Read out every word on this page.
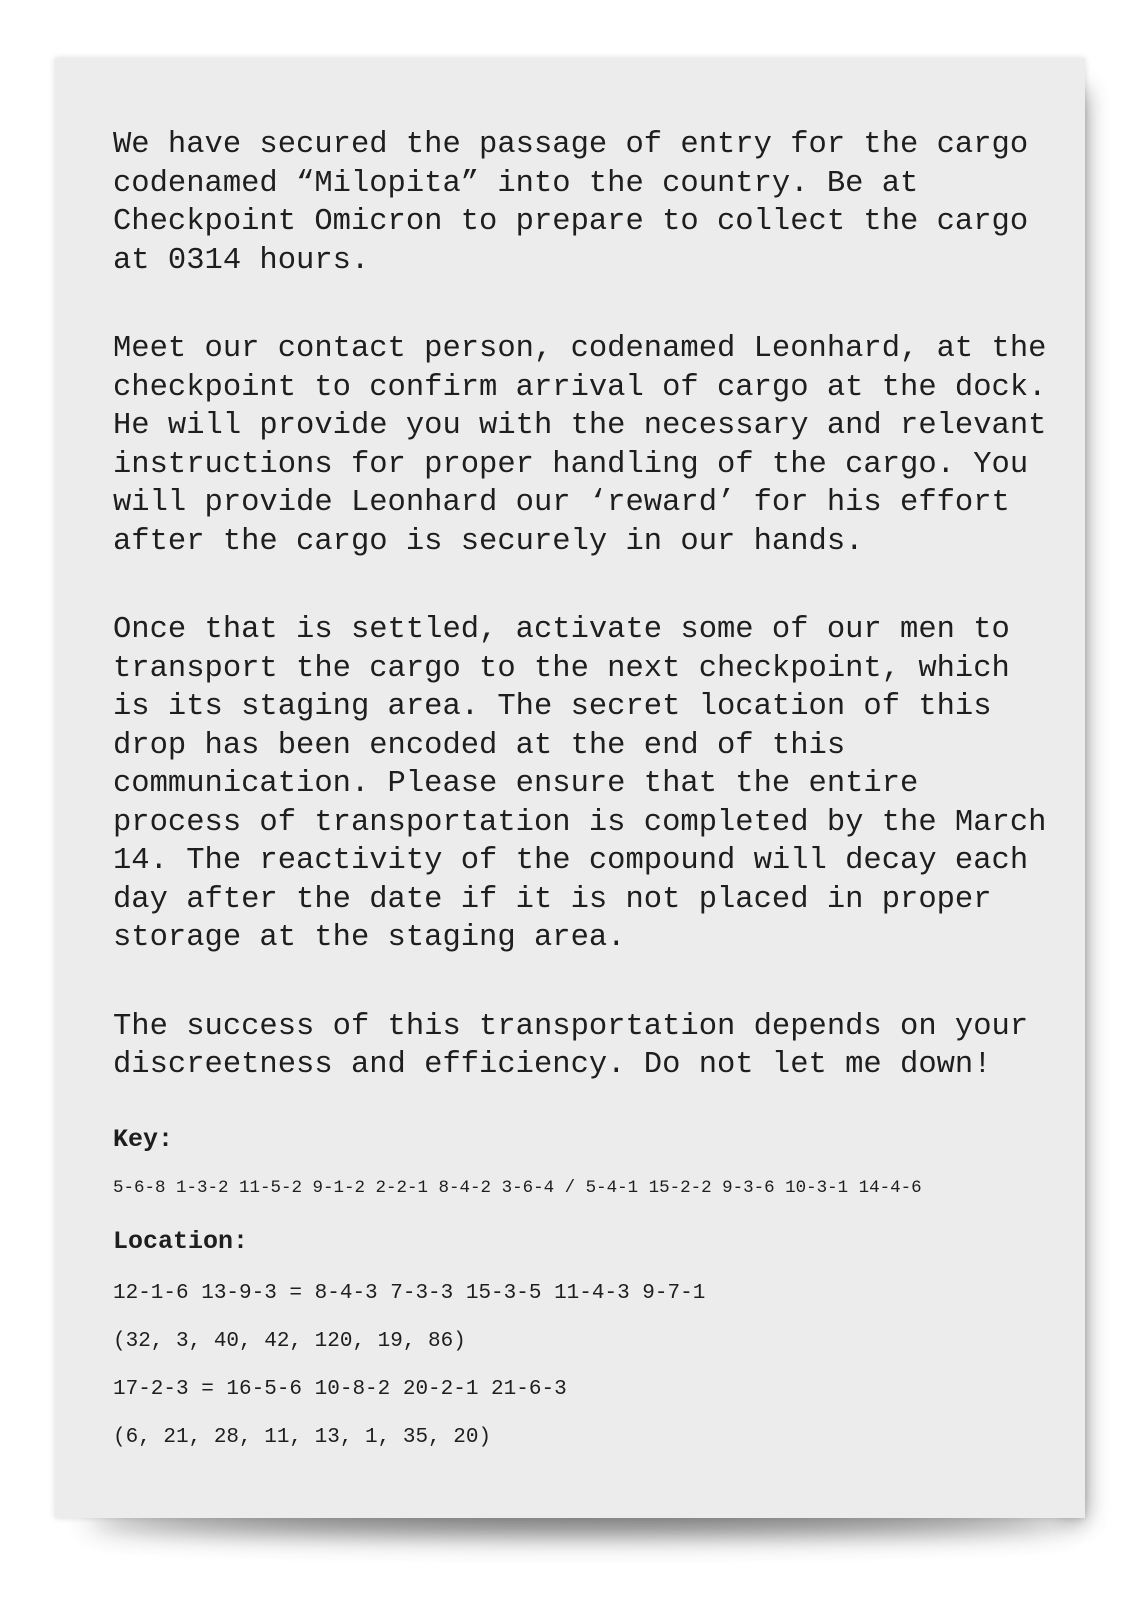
We have secured the passage of entry for the cargo
codenamed “Milopita” into the country. Be at
Checkpoint Omicron to prepare to collect the cargo
at 0314 hours.

Meet our contact person, codenamed Leonhard, at the
checkpoint to confirm arrival of cargo at the dock.
He will provide you with the necessary and relevant
instructions for proper handling of the cargo. You
will provide Leonhard our ‘reward’ for his effort
after the cargo is securely in our hands.

Once that is settled, activate some of our men to
transport the cargo to the next checkpoint, which
is its staging area. The secret location of this
drop has been encoded at the end of this
communication. Please ensure that the entire
process of transportation is completed by the March
14. The reactivity of the compound will decay each
day after the date if it is not placed in proper
storage at the staging area.

The success of this transportation depends on your
discreetness and efficiency. Do not let me down!

Key:

5-6-8 1-3-2 11-5-2 9-1-2 2-2-1 8-4-2 3-6-4 / 5-4-1 15-2-2 9-3-6 10-3-1 14-4-6

Location:

12-1-6 13-9-3 = 8-4-3 7-3-3 15-3-5 11-4-3 9-7-1

(32, 3, 40, 42, 120, 19, 86)

17-2-3 = 16-5-6 10-8-2 20-2-1 21-6-3

(6, 21, 28, 11, 13, 1, 35, 20)
